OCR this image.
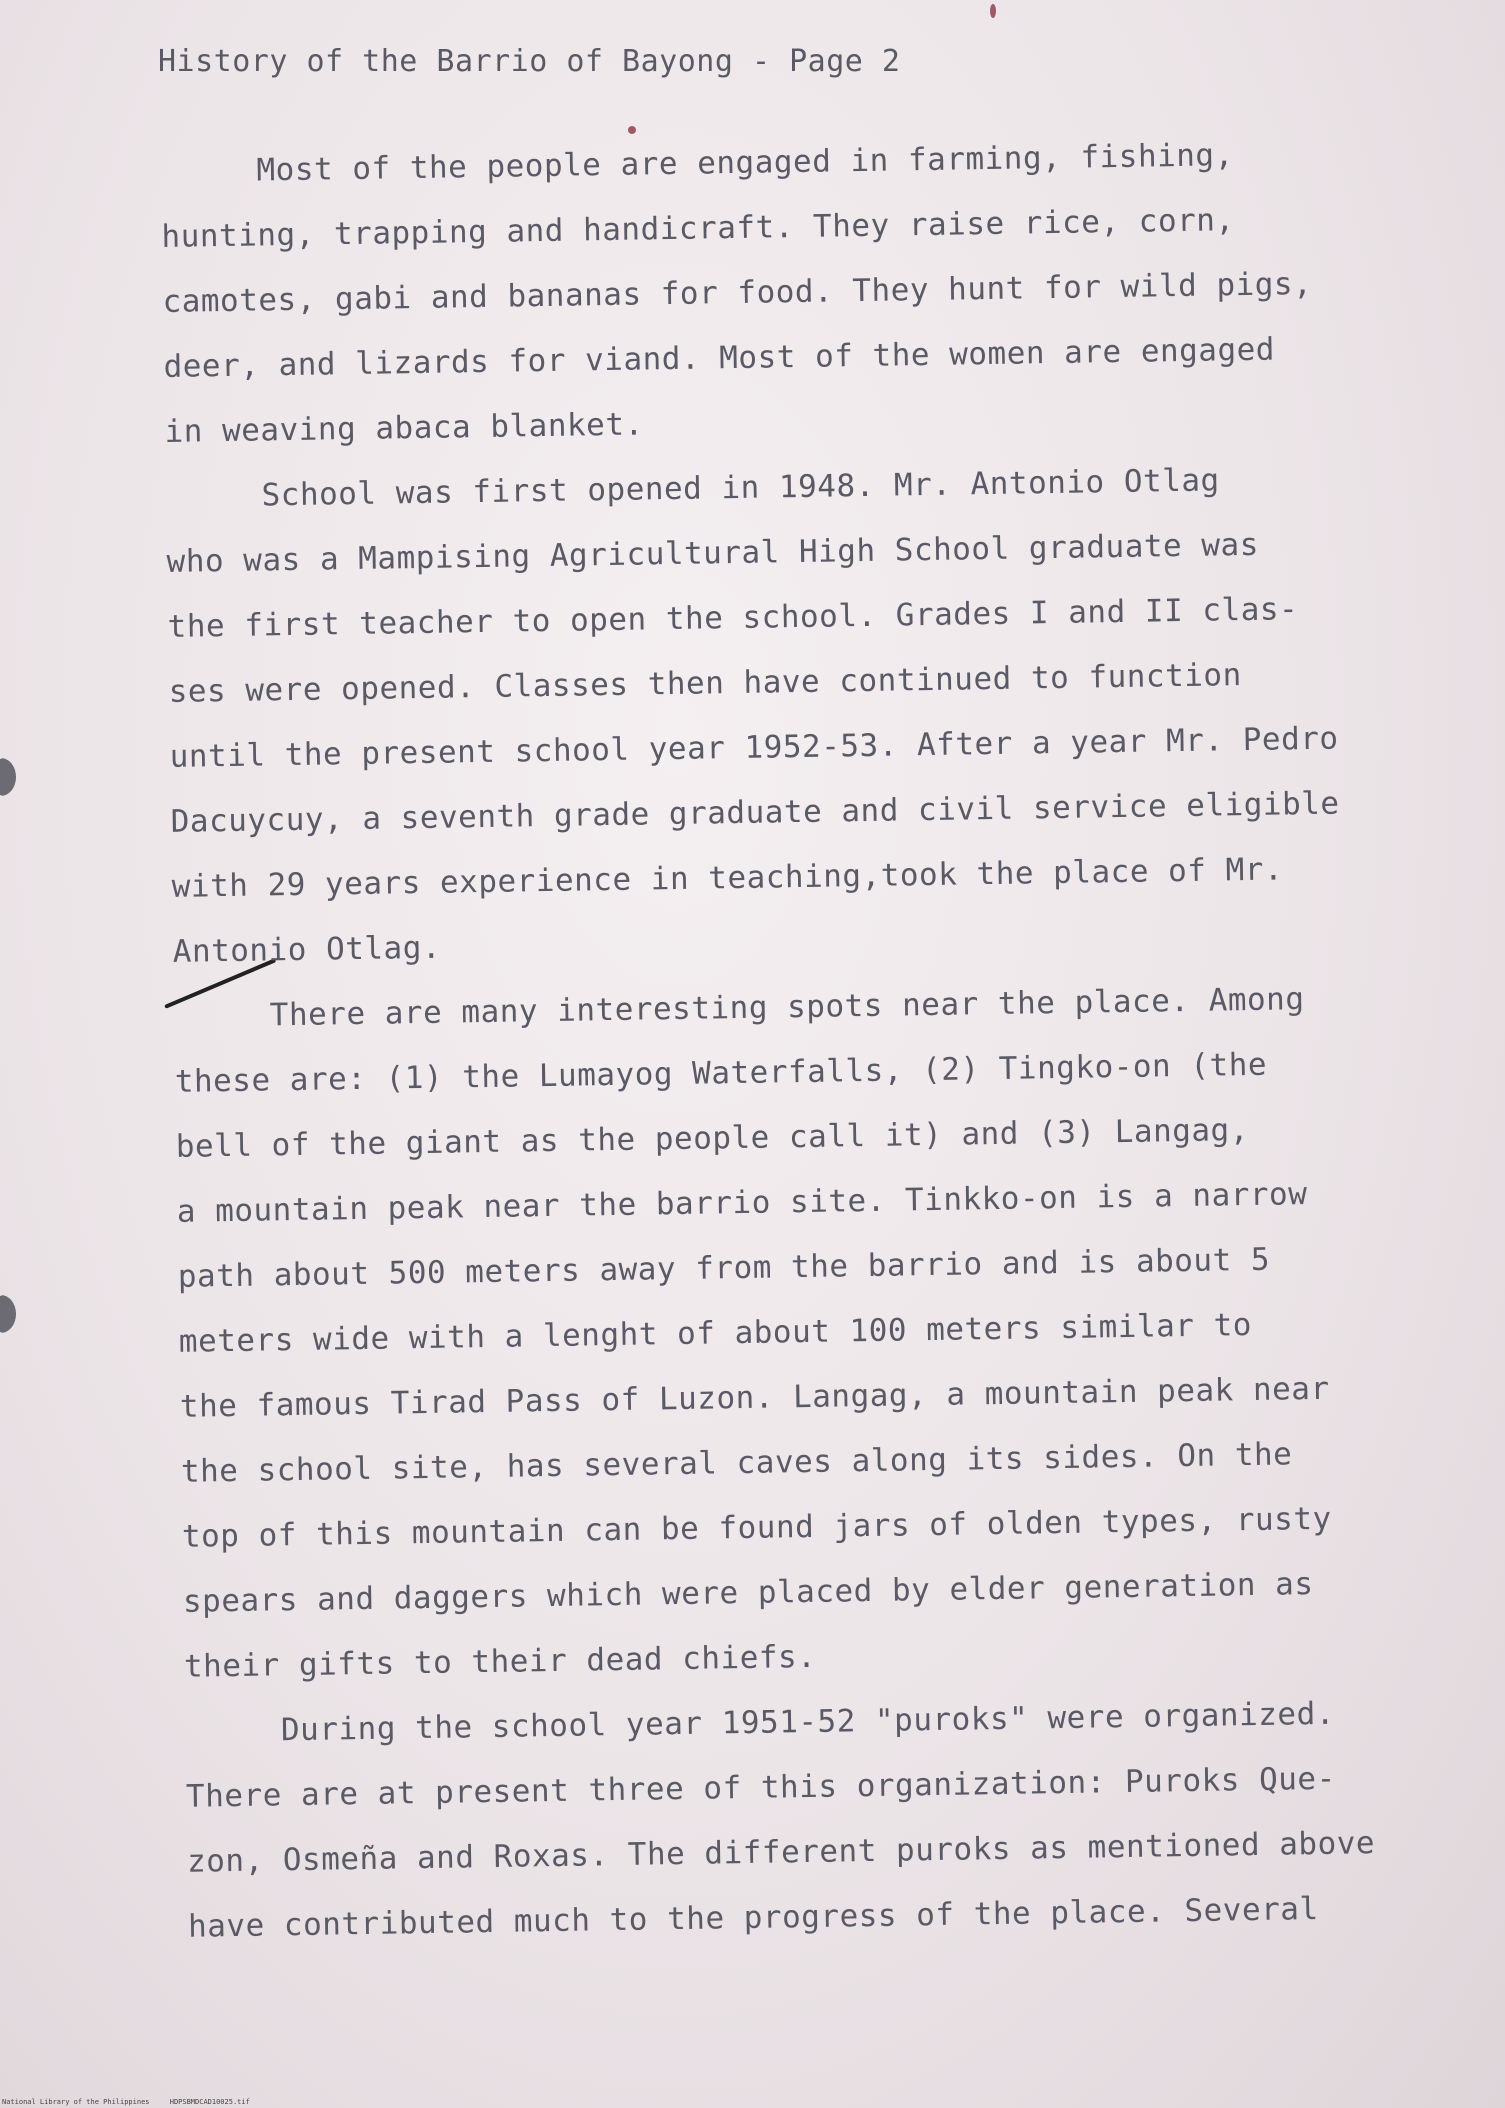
History of the Barrio of Bayong - Page 2
Most of the people are engaged in farming, fishing,
hunting, trapping and handicraft. They raise rice, corn,
camotes, gabi and bananas for food. They hunt for wild pigs,
deer, and lizards for viand. Most of the women are engaged
in weaving abaca blanket.
School was first opened in 1948. Mr. Antonio Otlag
who was a Mampising Agricultural High School graduate was
the first teacher to open the school. Grades I and II clas-
ses were opened. Classes then have continued to function
until the present school year 1952-53. After a year Mr. Pedro
Dacuycuy, a seventh grade graduate and civil service eligible
with 29 years experience in teaching,took the place of Mr.
Antonio Otlag.
There are many interesting spots near the place. Among
these are: (1) the Lumayog Waterfalls, (2) Tingko-on (the
bell of the giant as the people call it) and (3) Langag,
a mountain peak near the barrio site. Tinkko-on is a narrow
path about 500 meters away from the barrio and is about 5
meters wide with a lenght of about 100 meters similar to
the famous Tirad Pass of Luzon. Langag, a mountain peak near
the school site, has several caves along its sides. On the
top of this mountain can be found jars of olden types, rusty
spears and daggers which were placed by elder generation as
their gifts to their dead chiefs.
During the school year 1951-52 "puroks" were organized.
There are at present three of this organization: Puroks Que-
zon, Osmeña and Roxas. The different puroks as mentioned above
have contributed much to the progress of the place. Several
National Library of the Philippines	HDPSBMDCAD10025.tif
